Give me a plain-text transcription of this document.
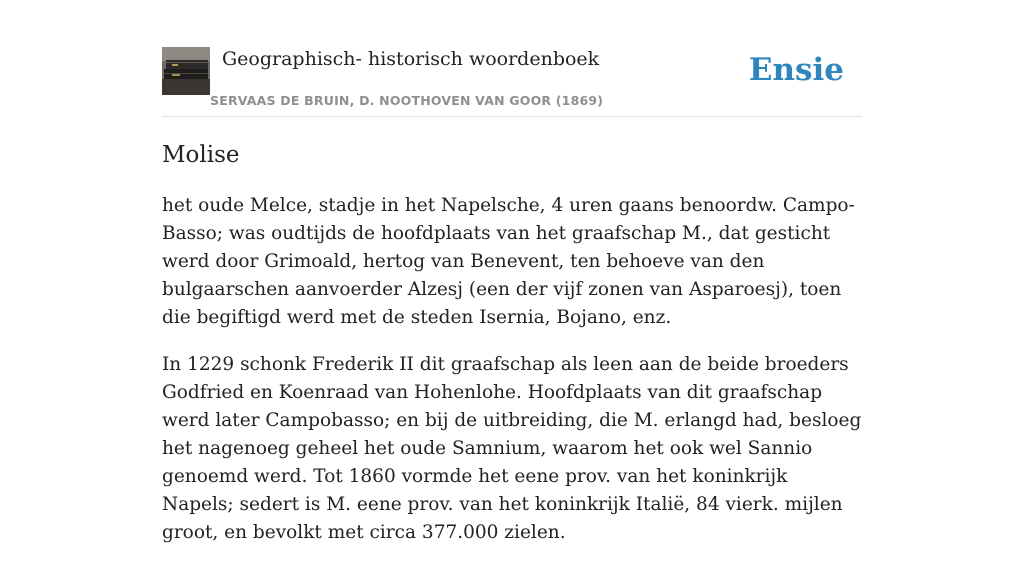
Geographisch- historisch woordenboek
SERVAAS DE BRUIN, D. NOOTHOVEN VAN GOOR (1869)
Ensie
Molise

het oude Melce, stadje in het Napelsche, 4 uren gaans benoordw. Campo-Basso; was oudtijds de hoofdplaats van het graafschap M., dat gesticht werd door Grimoald, hertog van Benevent, ten behoeve van den bulgaarschen aanvoerder Alzesj (een der vijf zonen van Asparoesj), toen die begiftigd werd met de steden Isernia, Bojano, enz.

In 1229 schonk Frederik II dit graafschap als leen aan de beide broeders Godfried en Koenraad van Hohenlohe. Hoofdplaats van dit graafschap werd later Campobasso; en bij de uitbreiding, die M. erlangd had, besloeg het nagenoeg geheel het oude Samnium, waarom het ook wel Sannio genoemd werd. Tot 1860 vormde het eene prov. van het koninkrijk Napels; sedert is M. eene prov. van het koninkrijk Italië, 84 vierk. mijlen groot, en bevolkt met circa 377.000 zielen.
